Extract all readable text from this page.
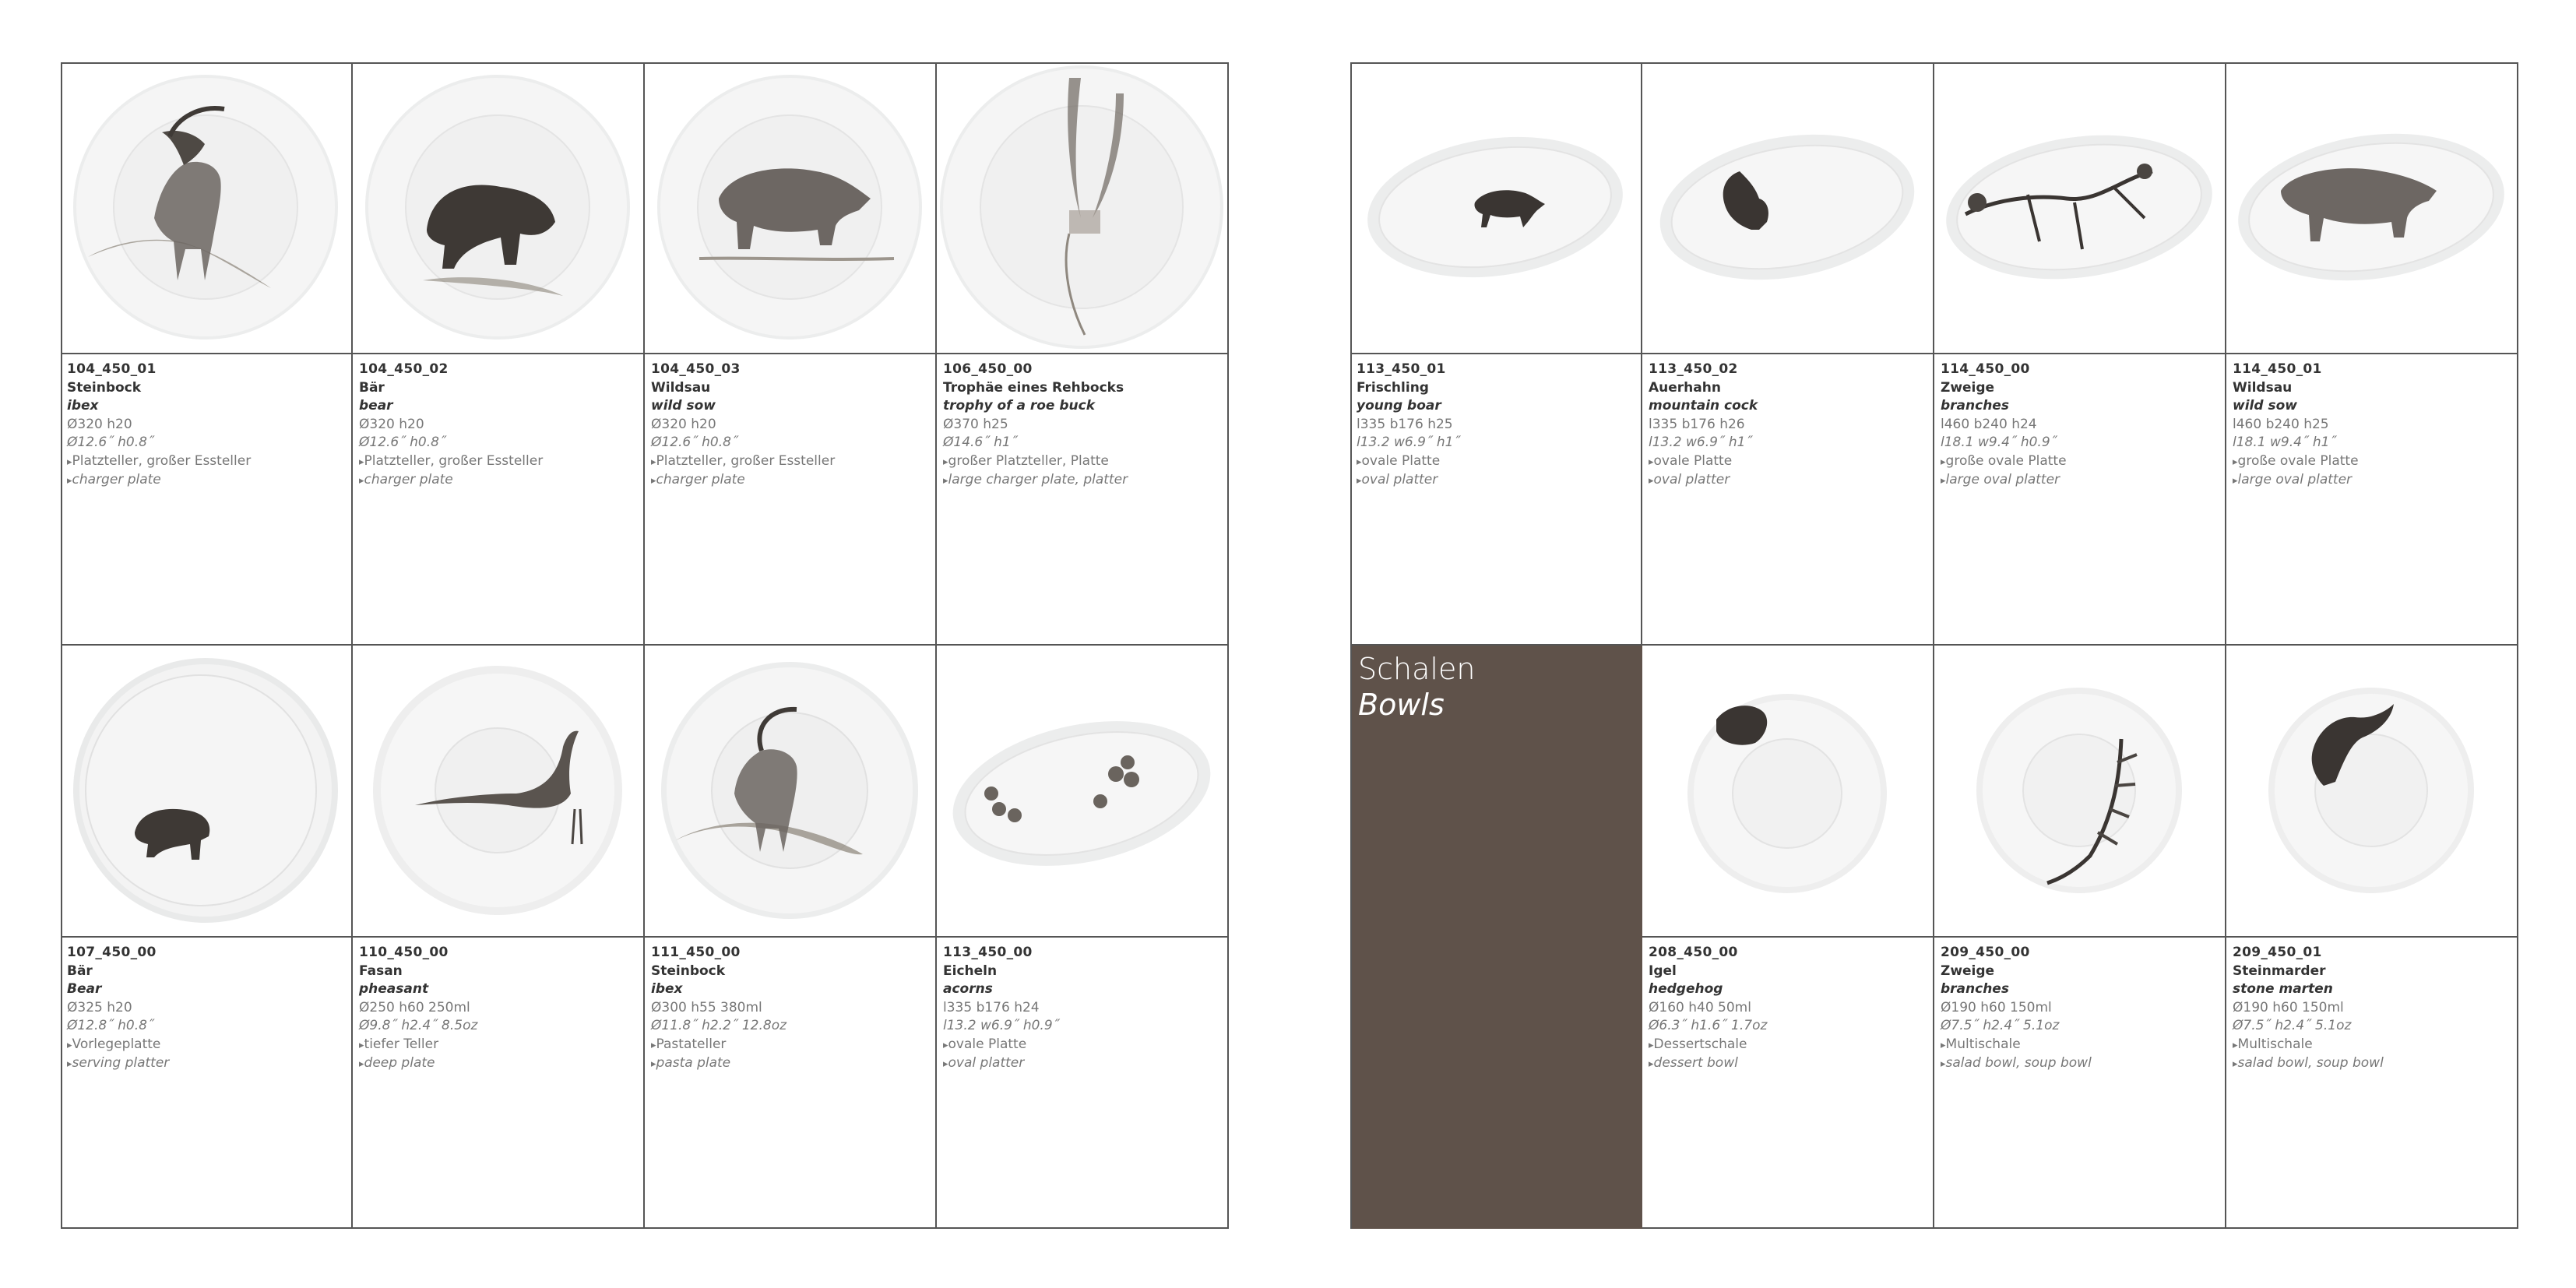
104_450_01
Steinbock
ibex
Ø320 h20
Ø12.6˝ h0.8˝
▸ Platzteller, großer Essteller
▸ charger plate
104_450_02
Bär
bear
Ø320 h20
Ø12.6˝ h0.8˝
▸ Platzteller, großer Essteller
▸ charger plate
104_450_03
Wildsau
wild sow
Ø320 h20
Ø12.6˝ h0.8˝
▸ Platzteller, großer Essteller
▸ charger plate
106_450_00
Trophäe eines Rehbocks
trophy of a roe buck
Ø370 h25
Ø14.6˝ h1˝
▸ großer Platzteller, Platte
▸ large charger plate, platter
107_450_00
Bär
Bear
Ø325 h20
Ø12.8˝ h0.8˝
▸ Vorlegeplatte
▸ serving platter
110_450_00
Fasan
pheasant
Ø250 h60 250ml
Ø9.8˝ h2.4˝ 8.5oz
▸ tiefer Teller
▸ deep plate
111_450_00
Steinbock
ibex
Ø300 h55 380ml
Ø11.8˝ h2.2˝ 12.8oz
▸ Pastateller
▸ pasta plate
113_450_00
Eicheln
acorns
l335 b176 h24
l13.2 w6.9˝ h0.9˝
▸ ovale Platte
▸ oval platter
113_450_01
Frischling
young boar
l335 b176 h25
l13.2 w6.9˝ h1˝
▸ ovale Platte
▸ oval platter
113_450_02
Auerhahn
mountain cock
l335 b176 h26
l13.2 w6.9˝ h1˝
▸ ovale Platte
▸ oval platter
114_450_00
Zweige
branches
l460 b240 h24
l18.1 w9.4˝ h0.9˝
▸ große ovale Platte
▸ large oval platter
114_450_01
Wildsau
wild sow
l460 b240 h25
l18.1 w9.4˝ h1˝
▸ große ovale Platte
▸ large oval platter
Schalen
Bowls
208_450_00
Igel
hedgehog
Ø160 h40 50ml
Ø6.3˝ h1.6˝ 1.7oz
▸ Dessertschale
▸ dessert bowl
209_450_00
Zweige
branches
Ø190 h60 150ml
Ø7.5˝ h2.4˝ 5.1oz
▸ Multischale
▸ salad bowl, soup bowl
209_450_01
Steinmarder
stone marten
Ø190 h60 150ml
Ø7.5˝ h2.4˝ 5.1oz
▸ Multischale
▸ salad bowl, soup bowl
